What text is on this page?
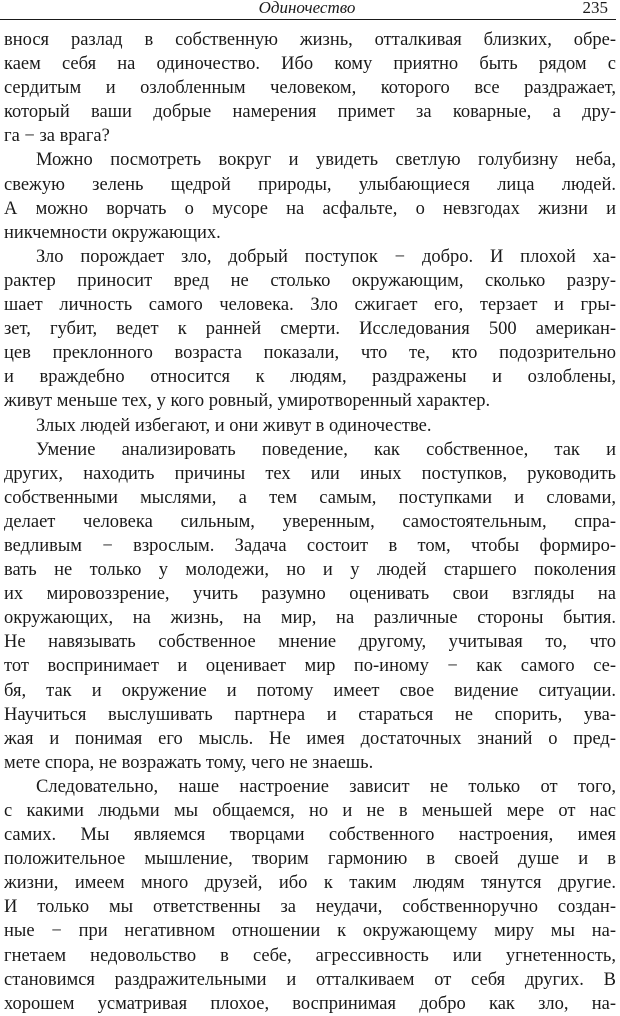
Одиночество	235
внося разлад в собственную жизнь, отталкивая близких, обре-
каем себя на одиночество. Ибо кому приятно быть рядом с
сердитым и озлобленным человеком, которого все раздражает,
который ваши добрые намерения примет за коварные, а дру-
га − за врага?
Можно посмотреть вокруг и увидеть светлую голубизну неба,
свежую зелень щедрой природы, улыбающиеся лица людей.
А можно ворчать о мусоре на асфальте, о невзгодах жизни и
никчемности окружающих.
Зло порождает зло, добрый поступок − добро. И плохой ха-
рактер приносит вред не столько окружающим, сколько разру-
шает личность самого человека. Зло сжигает его, терзает и гры-
зет, губит, ведет к ранней смерти. Исследования 500 американ-
цев преклонного возраста показали, что те, кто подозрительно
и враждебно относится к людям, раздражены и озлоблены,
живут меньше тех, у кого ровный, умиротворенный характер.
Злых людей избегают, и они живут в одиночестве.
Умение анализировать поведение, как собственное, так и
других, находить причины тех или иных поступков, руководить
собственными мыслями, а тем самым, поступками и словами,
делает человека сильным, уверенным, самостоятельным, спра-
ведливым − взрослым. Задача состоит в том, чтобы формиро-
вать не только у молодежи, но и у людей старшего поколения
их мировоззрение, учить разумно оценивать свои взгляды на
окружающих, на жизнь, на мир, на различные стороны бытия.
Не навязывать собственное мнение другому, учитывая то, что
тот воспринимает и оценивает мир по-иному − как самого се-
бя, так и окружение и потому имеет свое видение ситуации.
Научиться выслушивать партнера и стараться не спорить, ува-
жая и понимая его мысль. Не имея достаточных знаний о пред-
мете спора, не возражать тому, чего не знаешь.
Следовательно, наше настроение зависит не только от того,
с какими людьми мы общаемся, но и не в меньшей мере от нас
самих. Мы являемся творцами собственного настроения, имея
положительное мышление, творим гармонию в своей душе и в
жизни, имеем много друзей, ибо к таким людям тянутся другие.
И только мы ответственны за неудачи, собственноручно создан-
ные − при негативном отношении к окружающему миру мы на-
гнетаем недовольство в себе, агрессивность или угнетенность,
становимся раздражительными и отталкиваем от себя других. В
хорошем усматривая плохое, воспринимая добро как зло, на-
